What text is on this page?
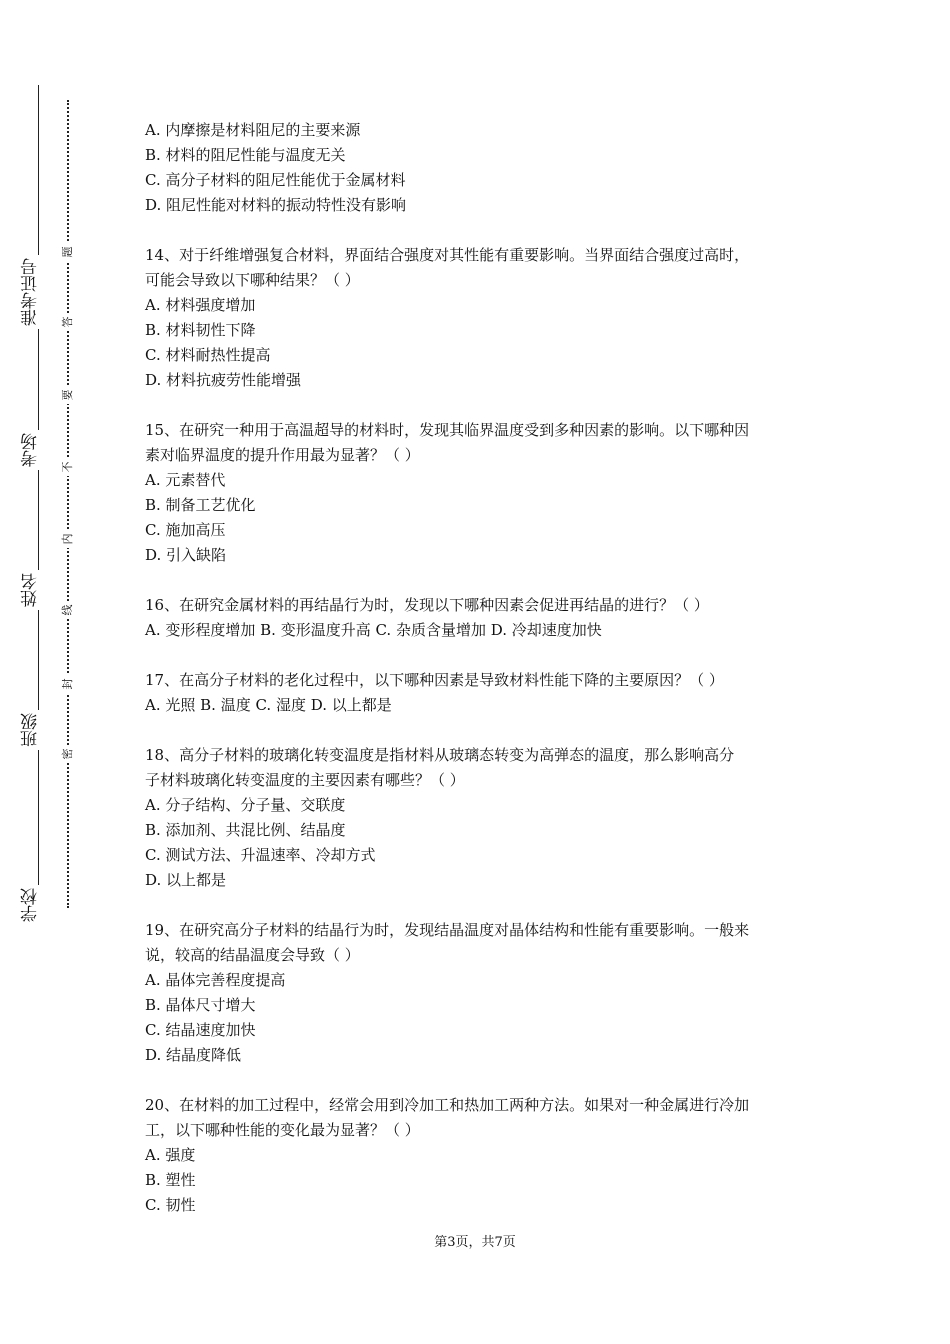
准考证号
考场
姓名
班级
学校
题
答
要
不
内
线
封
密
A. 内摩擦是材料阻尼的主要来源
B. 材料的阻尼性能与温度无关
C. 高分子材料的阻尼性能优于金属材料
D. 阻尼性能对材料的振动特性没有影响
14、对于纤维增强复合材料，界面结合强度对其性能有重要影响。当界面结合强度过高时，
可能会导致以下哪种结果？（ ）
A. 材料强度增加
B. 材料韧性下降
C. 材料耐热性提高
D. 材料抗疲劳性能增强
15、在研究一种用于高温超导的材料时，发现其临界温度受到多种因素的影响。以下哪种因
素对临界温度的提升作用最为显著？（ ）
A. 元素替代
B. 制备工艺优化
C. 施加高压
D. 引入缺陷
16、在研究金属材料的再结晶行为时，发现以下哪种因素会促进再结晶的进行？（ ）
A. 变形程度增加 B. 变形温度升高 C. 杂质含量增加 D. 冷却速度加快
17、在高分子材料的老化过程中，以下哪种因素是导致材料性能下降的主要原因？（ ）
A. 光照 B. 温度 C. 湿度 D. 以上都是
18、高分子材料的玻璃化转变温度是指材料从玻璃态转变为高弹态的温度，那么影响高分
子材料玻璃化转变温度的主要因素有哪些？（ ）
A. 分子结构、分子量、交联度
B. 添加剂、共混比例、结晶度
C. 测试方法、升温速率、冷却方式
D. 以上都是
19、在研究高分子材料的结晶行为时，发现结晶温度对晶体结构和性能有重要影响。一般来
说，较高的结晶温度会导致（ ）
A. 晶体完善程度提高
B. 晶体尺寸增大
C. 结晶速度加快
D. 结晶度降低
20、在材料的加工过程中，经常会用到冷加工和热加工两种方法。如果对一种金属进行冷加
工，以下哪种性能的变化最为显著？（ ）
A. 强度
B. 塑性
C. 韧性
第3页，共7页
